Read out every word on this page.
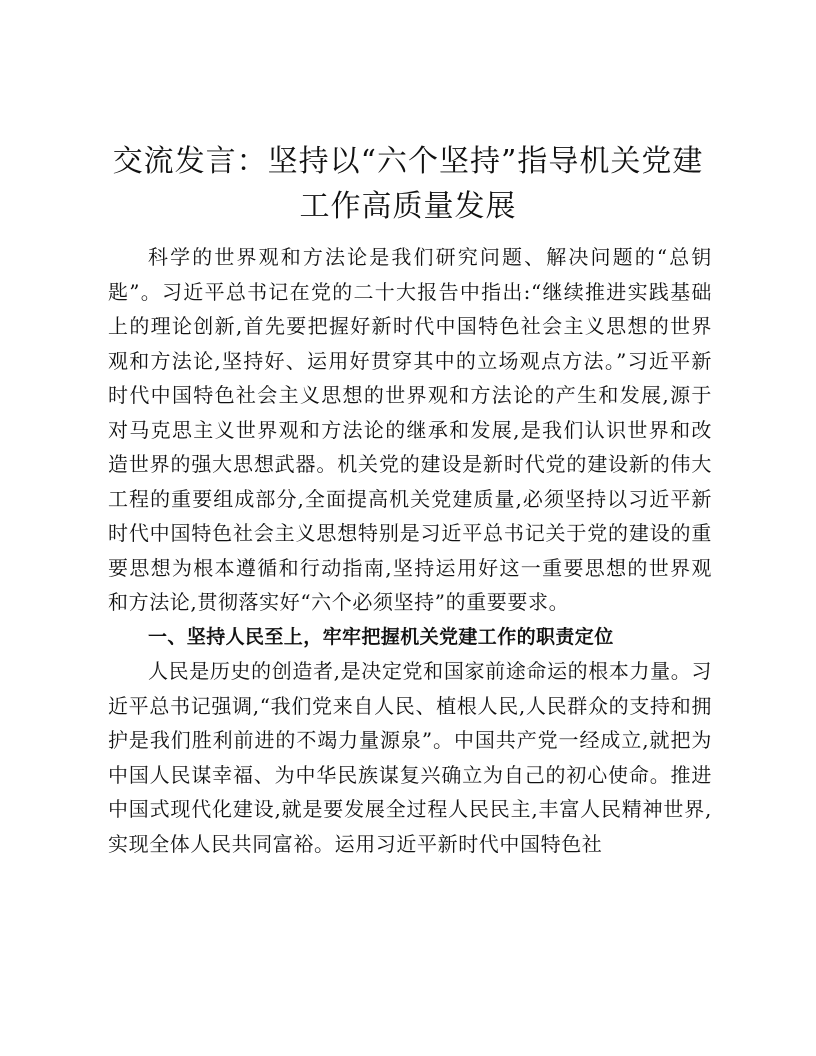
交流发言：坚持以“六个坚持”指导机关党建
工作高质量发展

科学的世界观和方法论是我们研究问题、解决问题的“总钥匙”。习近平总书记在党的二十大报告中指出:“继续推进实践基础上的理论创新,首先要把握好新时代中国特色社会主义思想的世界观和方法论,坚持好、运用好贯穿其中的立场观点方法。”习近平新时代中国特色社会主义思想的世界观和方法论的产生和发展,源于对马克思主义世界观和方法论的继承和发展,是我们认识世界和改造世界的强大思想武器。机关党的建设是新时代党的建设新的伟大工程的重要组成部分,全面提高机关党建质量,必须坚持以习近平新时代中国特色社会主义思想特别是习近平总书记关于党的建设的重要思想为根本遵循和行动指南,坚持运用好这一重要思想的世界观和方法论,贯彻落实好“六个必须坚持”的重要要求。

一、坚持人民至上，牢牢把握机关党建工作的职责定位

人民是历史的创造者,是决定党和国家前途命运的根本力量。习近平总书记强调,“我们党来自人民、植根人民,人民群众的支持和拥护是我们胜利前进的不竭力量源泉”。中国共产党一经成立,就把为中国人民谋幸福、为中华民族谋复兴确立为自己的初心使命。推进中国式现代化建设,就是要发展全过程人民民主,丰富人民精神世界,实现全体人民共同富裕。运用习近平新时代中国特色社
